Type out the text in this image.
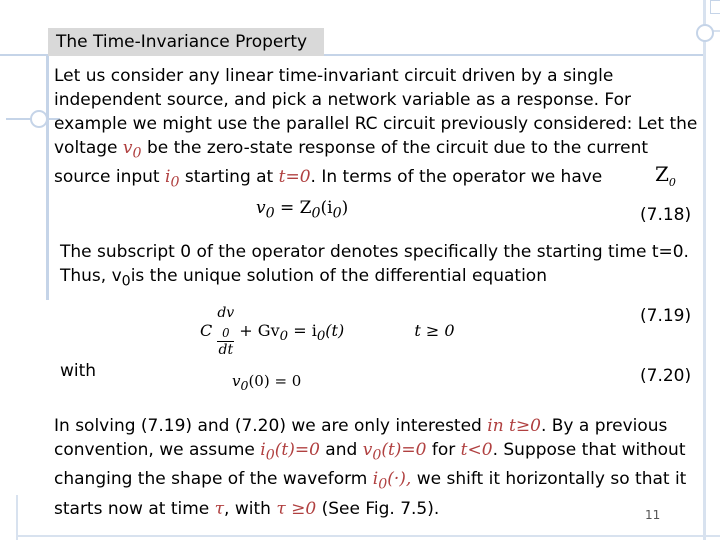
The Time-Invariance Property

Let us consider any linear time-invariant circuit driven by a single independent source, and pick a network variable as a response. For example we might use the parallel RC circuit previously considered: Let the voltage $v_0$ be the zero-state response of the circuit due to the current source input $i_0$ starting at t=0. In terms of the operator we have	$Z_0$
$v_0 = Z_0(i_0)$	(7.18)

The subscript 0 of the operator denotes specifically the starting time t=0. Thus, $v_0is$ the unique solution of the differential equation

C dv
$_0$
dt + $Gv_0 = i_0(t)$	t ≥ 0
(7.19)
with	$v_0(0) = 0$	(7.20)

In solving (7.19) and (7.20) we are only interested in t≥0. By a previous convention, we assume $i_0(t)=0$ and $v_0(t)=0$ for t<0. Suppose that without changing the shape of the waveform $i_0(\cdot)$, we shift it horizontally so that it starts now at time τ, with τ ≥0 (See Fig. 7.5).	11
